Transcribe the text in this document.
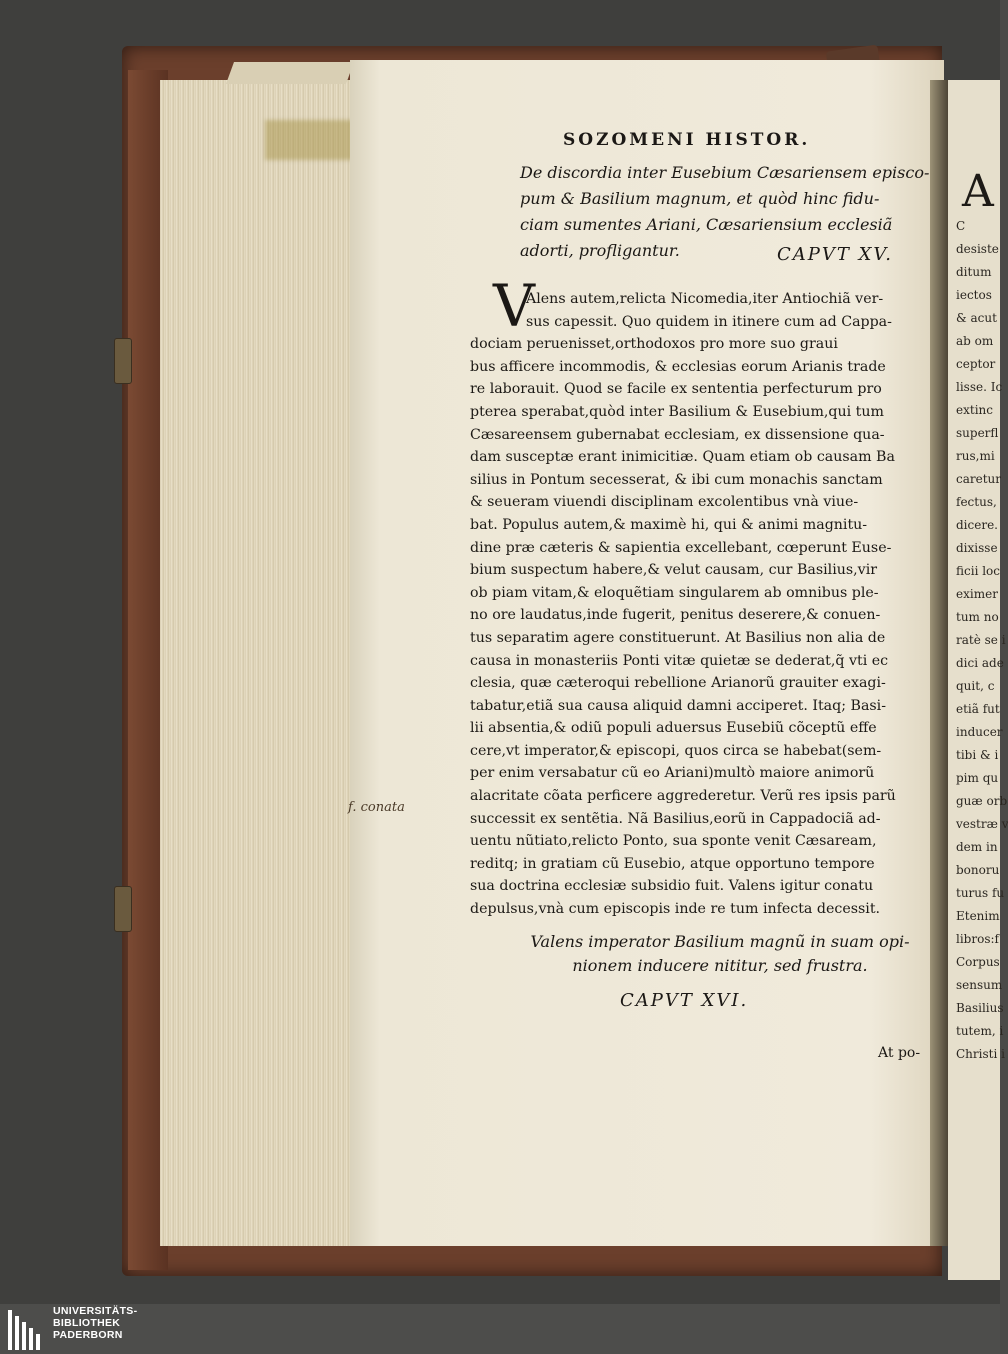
A
C
desiste
ditum
iectos
& acut
ab om
ceptor
lisse. Ic
extinc
superfl
rus,mi
caretur
fectus,
dicere.
dixisse
ficii loc
eximer
tum no
ratè se i
dici ade
quit, c
etiã fut
inducer
tibi & i
pim qu
guæ orb
vestræ v
dem in
bonoru
turus fu
Etenim
libros:f
Corpus
sensum
Basilius
tutem, i
Christi i
SOZOMENI HISTOR.
De discordia inter Eusebium Cæsariensem episco-
pum & Basilium magnum, et quòd hinc fidu-
ciam sumentes Ariani, Cæsariensium ecclesiã
adorti, profligantur.	CAPVT XV.
V
Alens autem,relicta Nicomedia,iter Antiochiã ver-
sus capessit. Quo quidem in itinere cum ad Cappa-
dociam peruenisset,orthodoxos pro more suo graui
bus afficere incommodis, & ecclesias eorum Arianis trade
re laborauit. Quod se facile ex sententia perfecturum pro
pterea sperabat,quòd inter Basilium & Eusebium,qui tum
Cæsareensem gubernabat ecclesiam, ex dissensione qua-
dam susceptæ erant inimicitiæ. Quam etiam ob causam Ba
silius in Pontum secesserat, & ibi cum monachis sanctam
& seueram viuendi disciplinam excolentibus vnà viue-
bat. Populus autem,& maximè hi, qui & animi magnitu-
dine præ cæteris & sapientia excellebant, cœperunt Euse-
bium suspectum habere,& velut causam, cur Basilius,vir
ob piam vitam,& eloquẽtiam singularem ab omnibus ple-
no ore laudatus,inde fugerit, penitus deserere,& conuen-
tus separatim agere constituerunt. At Basilius non alia de
causa in monasteriis Ponti vitæ quietæ se dederat,q̃ vti ec
clesia, quæ cæteroqui rebellione Arianorũ grauiter exagi-
tabatur,etiã sua causa aliquid damni acciperet. Itaq; Basi-
lii absentia,& odiũ populi aduersus Eusebiũ cõceptũ effe
cere,vt imperator,& episcopi, quos circa se habebat(sem-
per enim versabatur cũ eo Ariani)multò maiore animorũ
alacritate cõata perficere aggrederetur. Verũ res ipsis parũ
successit ex sentẽtia. Nã Basilius,eorũ in Cappadociã ad-
uentu nũtiato,relicto Ponto, sua sponte venit Cæsaream,
reditq; in gratiam cũ Eusebio, atque opportuno tempore
sua doctrina ecclesiæ subsidio fuit. Valens igitur conatu
depulsus,vnà cum episcopis inde re tum infecta decessit.
f. conata
Valens imperator Basilium magnũ in suam opi-
nionem inducere nititur, sed frustra.
CAPVT XVI.
At po-
UNIVERSITÄTS-
BIBLIOTHEK
PADERBORN
